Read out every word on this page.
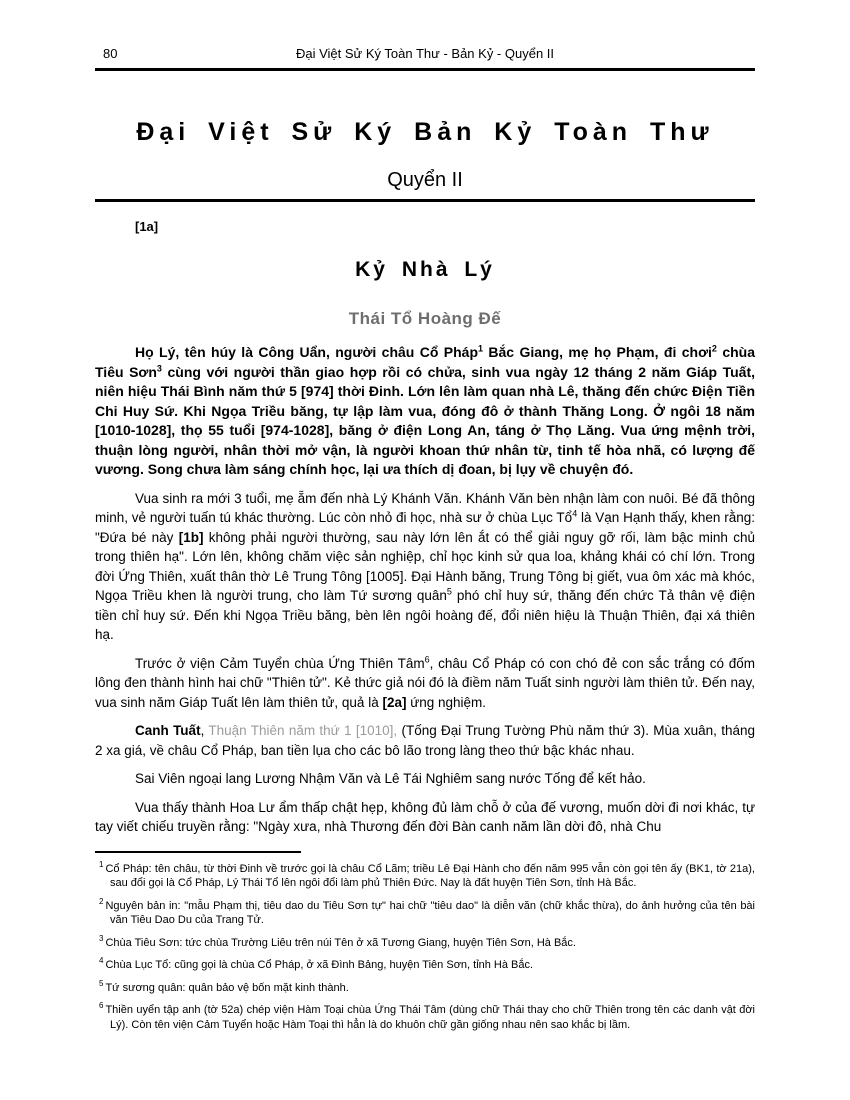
80	Đại Việt Sử Ký Toàn Thư - Bản Kỷ - Quyển II
Đại Việt Sử Ký Bản Kỷ Toàn Thư
Quyển II
[1a]
Kỷ Nhà Lý
Thái Tổ Hoàng Đế

Họ Lý, tên húy là Công Uẩn, người châu Cổ Pháp$^1$ Bắc Giang, mẹ họ Phạm, đi chơi$^2$ chùa Tiêu Sơn$^3$ cùng với người thần giao hợp rồi có chửa, sinh vua ngày 12 tháng 2 năm Giáp Tuất, niên hiệu Thái Bình năm thứ 5 [974] thời Đinh. Lớn lên làm quan nhà Lê, thăng đến chức Điện Tiền Chi Huy Sứ. Khi Ngọa Triều băng, tự lập làm vua, đóng đô ở thành Thăng Long. Ở ngôi 18 năm [1010-1028], thọ 55 tuổi [974-1028], băng ở điện Long An, táng ở Thọ Lăng. Vua ứng mệnh trời, thuận lòng người, nhân thời mở vận, là người khoan thứ nhân từ, tinh tế hòa nhã, có lượng đế vương. Song chưa làm sáng chính học, lại ưa thích dị đoan, bị lụy về chuyện đó.

Vua sinh ra mới 3 tuổi, mẹ ẵm đến nhà Lý Khánh Văn. Khánh Văn bèn nhận làm con nuôi. Bé đã thông minh, vẻ người tuấn tú khác thường. Lúc còn nhỏ đi học, nhà sư ở chùa Lục Tổ$^4$ là Vạn Hạnh thấy, khen rằng: "Đứa bé này [1b] không phải người thường, sau này lớn lên ắt có thể giải nguy gỡ rối, làm bậc minh chủ trong thiên hạ". Lớn lên, không chăm việc sản nghiệp, chỉ học kinh sử qua loa, khảng khái có chí lớn. Trong đời Ứng Thiên, xuất thân thờ Lê Trung Tông [1005]. Đại Hành băng, Trung Tông bị giết, vua ôm xác mà khóc, Ngọa Triều khen là người trung, cho làm Tứ sương quân$^5$ phó chỉ huy sứ, thăng đến chức Tả thân vệ điện tiền chỉ huy sứ. Đến khi Ngọa Triều băng, bèn lên ngôi hoàng đế, đổi niên hiệu là Thuận Thiên, đại xá thiên hạ.

Trước ở viện Cảm Tuyển chùa Ứng Thiên Tâm$^6$, châu Cổ Pháp có con chó đẻ con sắc trắng có đốm lông đen thành hình hai chữ "Thiên tử". Kẻ thức giả nói đó là điềm năm Tuất sinh người làm thiên tử. Đến nay, vua sinh năm Giáp Tuất lên làm thiên tử, quả là [2a] ứng nghiệm.

Canh Tuất, Thuận Thiên năm thứ 1 [1010], (Tống Đại Trung Tường Phù năm thứ 3). Mùa xuân, tháng 2 xa giá, về châu Cổ Pháp, ban tiền lụa cho các bô lão trong làng theo thứ bậc khác nhau.

Sai Viên ngoại lang Lương Nhậm Văn và Lê Tái Nghiêm sang nước Tống để kết hảo.

Vua thấy thành Hoa Lư ẩm thấp chật hẹp, không đủ làm chỗ ở của đế vương, muốn dời đi nơi khác, tự tay viết chiếu truyền rằng: "Ngày xưa, nhà Thương đến đời Bàn canh năm lần dời đô, nhà Chu

$^1$ Cổ Pháp: tên châu, từ thời Đinh về trước gọi là châu Cổ Lãm; triều Lê Đại Hành cho đến năm 995 vẫn còn gọi tên ấy (BK1, tờ 21a), sau đổi gọi là Cổ Pháp, Lý Thái Tổ lên ngôi đổi làm phủ Thiên Đức. Nay là đất huyện Tiên Sơn, tỉnh Hà Bắc.
$^2$ Nguyên bản in: "mẫu Phạm thị, tiêu dao du Tiêu Sơn tự" hai chữ "tiêu dao" là diễn văn (chữ khắc thừa), do ảnh hưởng của tên bài văn Tiêu Dao Du của Trang Tử.
$^3$ Chùa Tiêu Sơn: tức chùa Trường Liêu trên núi Tên ở xã Tương Giang, huyện Tiên Sơn, Hà Bắc.
$^4$ Chùa Lục Tổ: cũng gọi là chùa Cổ Pháp, ở xã Đình Bảng, huyện Tiên Sơn, tỉnh Hà Bắc.
$^5$ Tứ sương quân: quân bảo vệ bốn mặt kinh thành.
$^6$ Thiền uyển tập anh (tờ 52a) chép viện Hàm Toại chùa Ứng Thái Tâm (dùng chữ Thái thay cho chữ Thiên trong tên các danh vật đời Lý). Còn tên viện Cảm Tuyển hoặc Hàm Toại thì hẳn là do khuôn chữ gần giống nhau nên sao khắc bị lầm.
